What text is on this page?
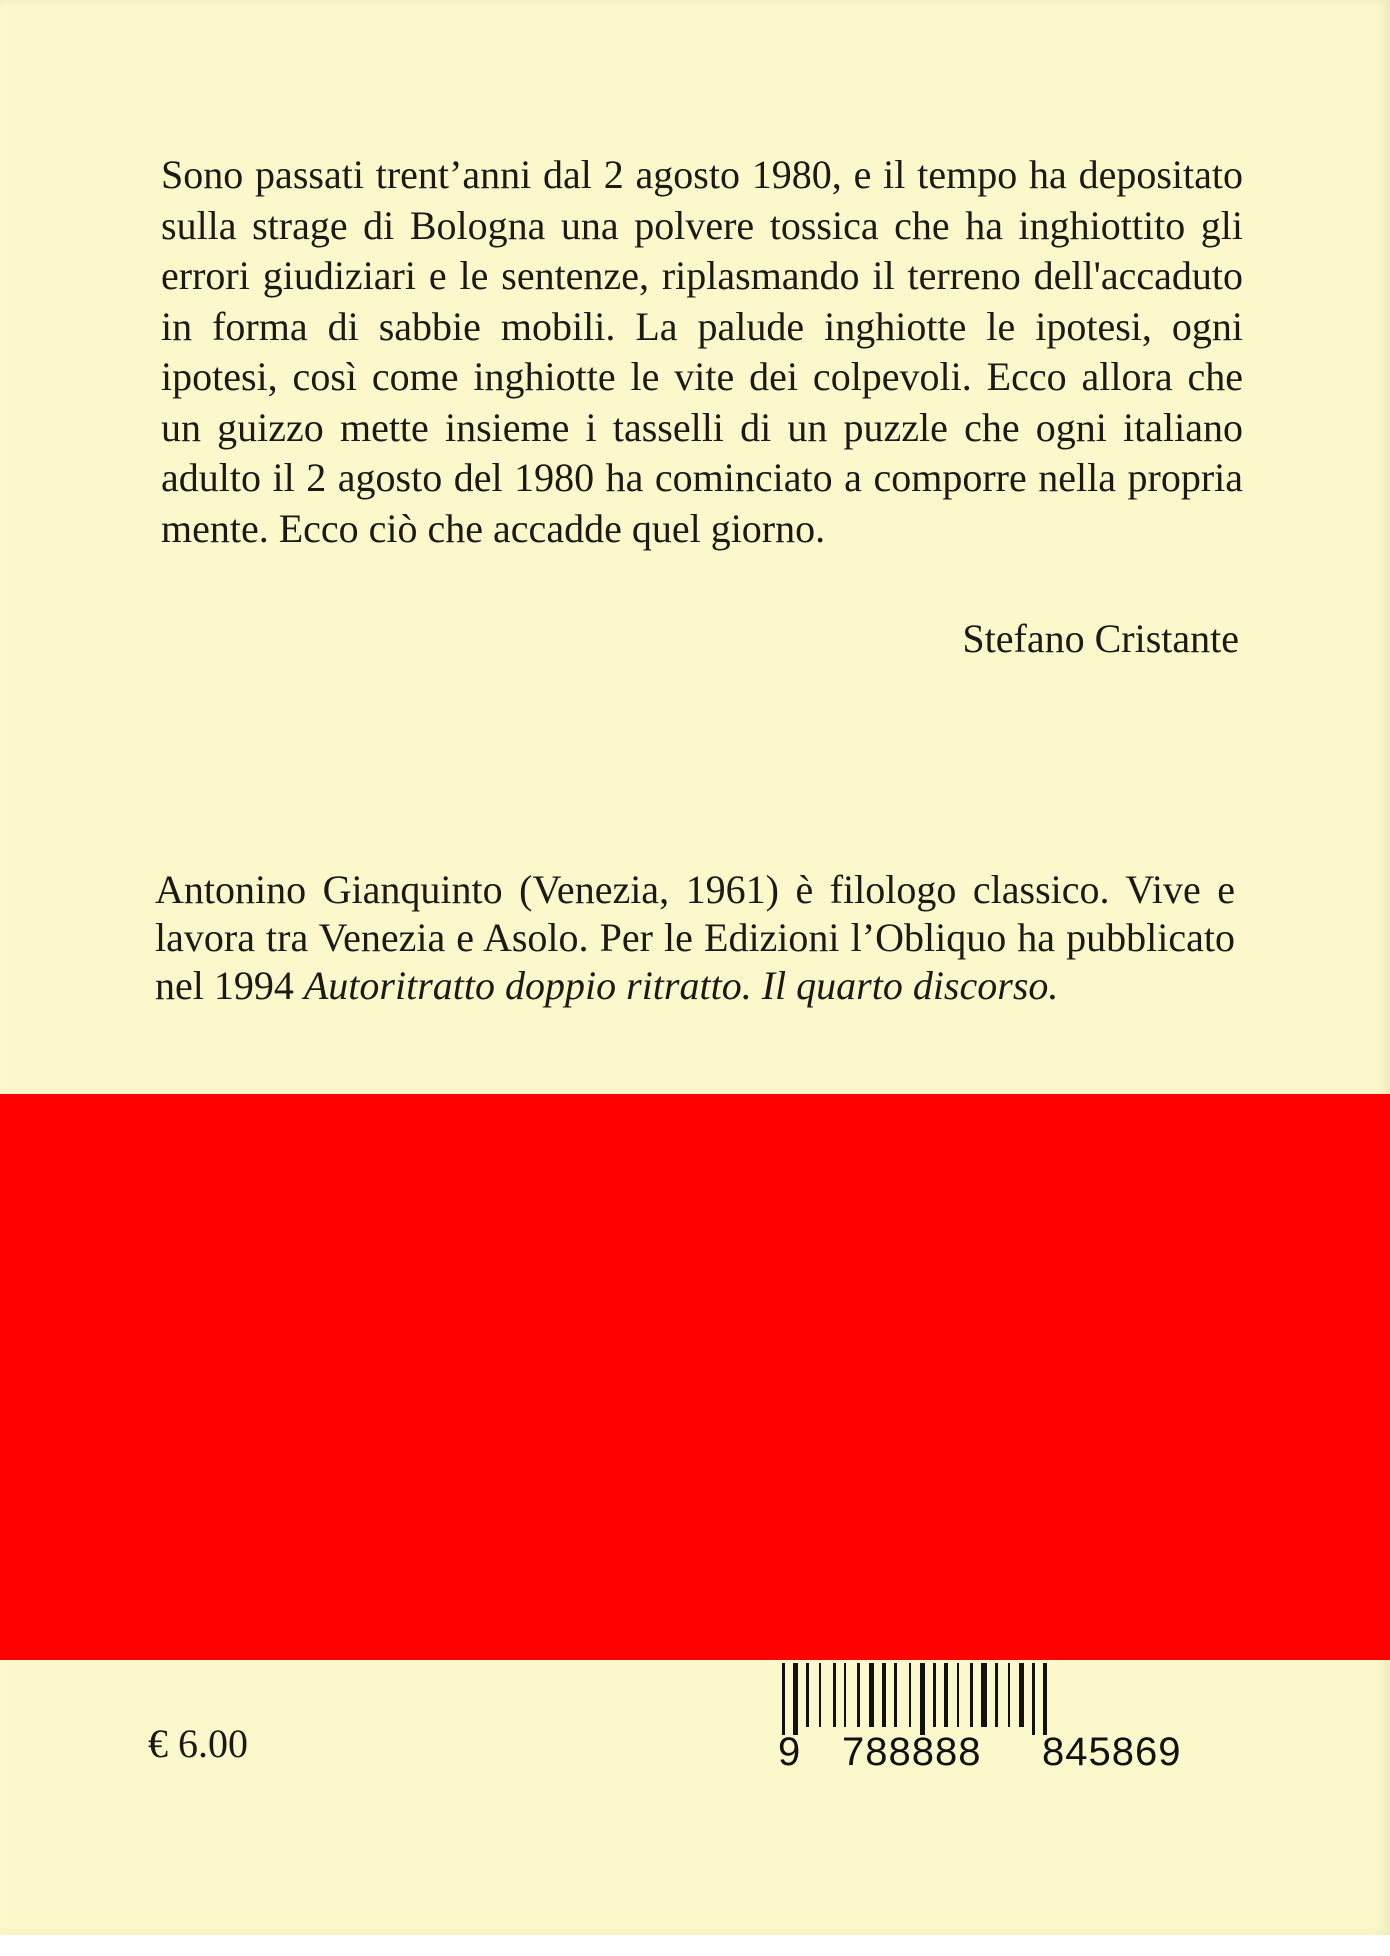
Sono passati trent’anni dal 2 agosto 1980, e il tempo ha depositato sulla strage di Bologna una polvere tossica che ha inghiottito gli errori giudiziari e le sentenze, riplasmando il terreno dell'accaduto in forma di sabbie mobili. La palude inghiotte le ipotesi, ogni ipotesi, così come inghiotte le vite dei colpevoli. Ecco allora che un guizzo mette insieme i tasselli di un puzzle che ogni italiano adulto il 2 agosto del 1980 ha cominciato a comporre nella propria mente. Ecco ciò che accadde quel giorno.
Stefano Cristante
Antonino Gianquinto (Venezia, 1961) è filologo classico. Vive e lavora tra Venezia e Asolo. Per le Edizioni l’Obliquo ha pubblicato nel 1994 Autoritratto doppio ritratto. Il quarto discorso.
€ 6.00	9 788888 845869
